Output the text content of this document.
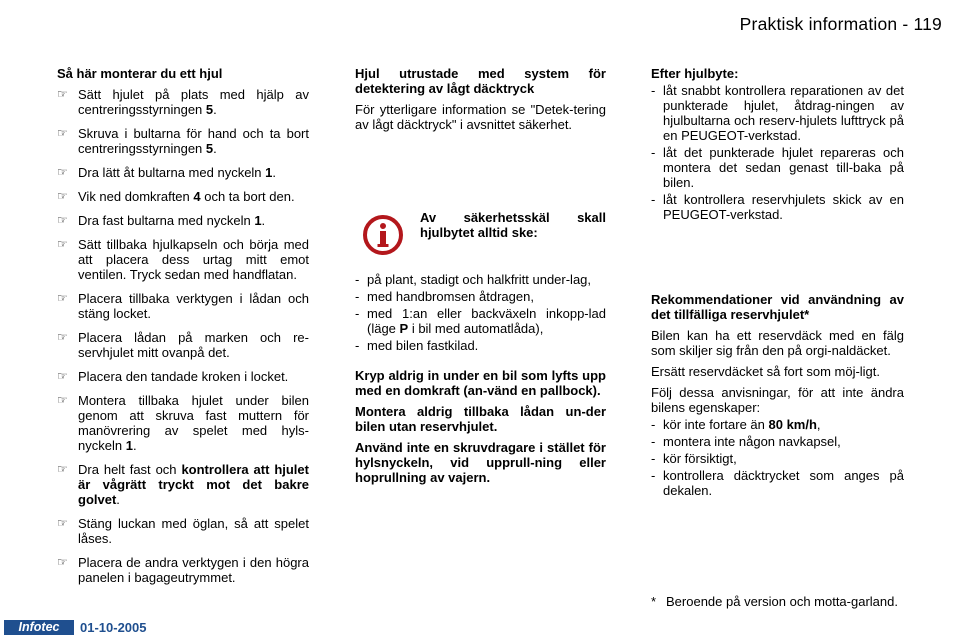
Praktisk information - 119
Så här monterar du ett hjul
☞ Sätt hjulet på plats med hjälp av centreringsstyrningen 5.
☞ Skruva i bultarna för hand och ta bort centreringsstyrningen 5.
☞ Dra lätt åt bultarna med nyckeln 1.
☞ Vik ned domkraften 4 och ta bort den.
☞ Dra fast bultarna med nyckeln 1.
☞ Sätt tillbaka hjulkapseln och börja med att placera dess urtag mitt emot ventilen. Tryck sedan med handflatan.
☞ Placera tillbaka verktygen i lådan och stäng locket.
☞ Placera lådan på marken och re-servhjulet mitt ovanpå det.
☞ Placera den tandade kroken i locket.
☞ Montera tillbaka hjulet under bilen genom att skruva fast muttern för manövrering av spelet med hyls-nyckeln 1.
☞ Dra helt fast och kontrollera att hjulet är vågrätt tryckt mot det bakre golvet.
☞ Stäng luckan med öglan, så att spelet låses.
☞ Placera de andra verktygen i den högra panelen i bagageutrymmet.
Hjul utrustade med system för detektering av lågt däcktryck
För ytterligare information se "Detek-tering av lågt däcktryck" i avsnittet säkerhet.
Av säkerhetsskäl skall hjulbytet alltid ske:
- på plant, stadigt och halkfritt under-lag,
- med handbromsen åtdragen,
- med 1:an eller backväxeln inkopp-lad (läge P i bil med automatlåda),
- med bilen fastkilad.
Kryp aldrig in under en bil som lyfts upp med en domkraft (an-vänd en pallbock).
Montera aldrig tillbaka lådan un-der bilen utan reservhjulet.
Använd inte en skruvdragare i stället för hylsnyckeln, vid upprull-ning eller hoprullning av vajern.
Efter hjulbyte:
- låt snabbt kontrollera reparationen av det punkterade hjulet, åtdrag-ningen av hjulbultarna och reserv-hjulets lufttryck på en PEUGEOT-verkstad.
- låt det punkterade hjulet repareras och montera det sedan genast till-baka på bilen.
- låt kontrollera reservhjulets skick av en PEUGEOT-verkstad.
Rekommendationer vid användning av det tillfälliga reservhjulet*
Bilen kan ha ett reservdäck med en fälg som skiljer sig från den på orgi-naldäcket.
Ersätt reservdäcket så fort som möj-ligt.
Följ dessa anvisningar, för att inte ändra bilens egenskaper:
- kör inte fortare än 80 km/h,
- montera inte någon navkapsel,
- kör försiktigt,
- kontrollera däcktrycket som anges på dekalen.
* Beroende på version och motta-garland.
Infotec	01-10-2005
